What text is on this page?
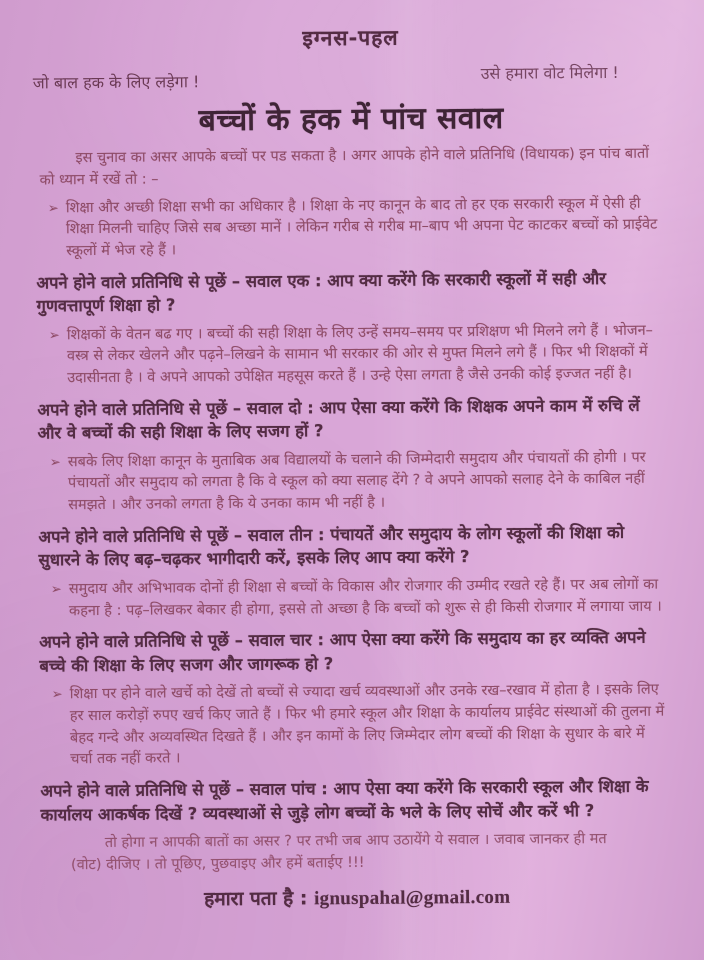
इग्नस-पहल
जो बाल हक के लिए लड़ेगा !	उसे हमारा वोट मिलेगा !
बच्चों के हक में पांच सवाल

इस चुनाव का असर आपके बच्चों पर पड सकता है । अगर आपके होने वाले प्रतिनिधि (विधायक) इन पांच बातों को ध्यान में रखें तो : –

➢ शिक्षा और अच्छी शिक्षा सभी का अधिकार है । शिक्षा के नए कानून के बाद तो हर एक सरकारी स्कूल में ऐसी ही शिक्षा मिलनी चाहिए जिसे सब अच्छा मानें । लेकिन गरीब से गरीब मा–बाप भी अपना पेट काटकर बच्चों को प्राईवेट स्कूलों में भेज रहे हैं ।

अपने होने वाले प्रतिनिधि से पूछें – सवाल एक : आप क्या करेंगे कि सरकारी स्कूलों में सही और गुणवत्तापूर्ण शिक्षा हो ?

➢ शिक्षकों के वेतन बढ गए । बच्चों की सही शिक्षा के लिए उन्हें समय–समय पर प्रशिक्षण भी मिलने लगे हैं । भोजन–वस्त्र से लेकर खेलने और पढ़ने–लिखने के सामान भी सरकार की ओर से मुफ्त मिलने लगे हैं । फिर भी शिक्षकों में उदासीनता है । वे अपने आपको उपेक्षित महसूस करते हैं । उन्हे ऐसा लगता है जैसे उनकी कोई इज्जत नहीं है।

अपने होने वाले प्रतिनिधि से पूछें – सवाल दो : आप ऐसा क्या करेंगे कि शिक्षक अपने काम में रुचि लें और वे बच्चों की सही शिक्षा के लिए सजग हों ?

➢ सबके लिए शिक्षा कानून के मुताबिक अब विद्यालयों के चलाने की जिम्मेदारी समुदाय और पंचायतों की होगी । पर पंचायतों और समुदाय को लगता है कि वे स्कूल को क्या सलाह देंगे ? वे अपने आपको सलाह देने के काबिल नहीं समझते । और उनको लगता है कि ये उनका काम भी नहीं है ।

अपने होने वाले प्रतिनिधि से पूछें – सवाल तीन : पंचायतें और समुदाय के लोग स्कूलों की शिक्षा को सुधारने के लिए बढ़–चढ़कर भागीदारी करें, इसके लिए आप क्या करेंगे ?

➢ समुदाय और अभिभावक दोनों ही शिक्षा से बच्चों के विकास और रोजगार की उम्मीद रखते रहे हैं। पर अब लोगों का कहना है : पढ़–लिखकर बेकार ही होगा, इससे तो अच्छा है कि बच्चों को शुरू से ही किसी रोजगार में लगाया जाय ।

अपने होने वाले प्रतिनिधि से पूछें – सवाल चार : आप ऐसा क्या करेंगे कि समुदाय का हर व्यक्ति अपने बच्चे की शिक्षा के लिए सजग और जागरूक हो ?

➢ शिक्षा पर होने वाले खर्चे को देखें तो बच्चों से ज्यादा खर्च व्यवस्थाओं और उनके रख–रखाव में होता है । इसके लिए हर साल करोड़ों रुपए खर्च किए जाते हैं । फिर भी हमारे स्कूल और शिक्षा के कार्यालय प्राईवेट संस्थाओं की तुलना में बेहद गन्दे और अव्यवस्थित दिखते हैं । और इन कामों के लिए जिम्मेदार लोग बच्चों की शिक्षा के सुधार के बारे में चर्चा तक नहीं करते ।

अपने होने वाले प्रतिनिधि से पूछें – सवाल पांच : आप ऐसा क्या करेंगे कि सरकारी स्कूल और शिक्षा के कार्यालय आकर्षक दिखें ? व्यवस्थाओं से जुड़े लोग बच्चों के भले के लिए सोचें और करें भी ?

तो होगा न आपकी बातों का असर ? पर तभी जब आप उठायेंगे ये सवाल । जवाब जानकर ही मत (वोट) दीजिए । तो पूछिए, पुछवाइए और हमें बताईए !!!

हमारा पता है : ignuspahal@gmail.com
